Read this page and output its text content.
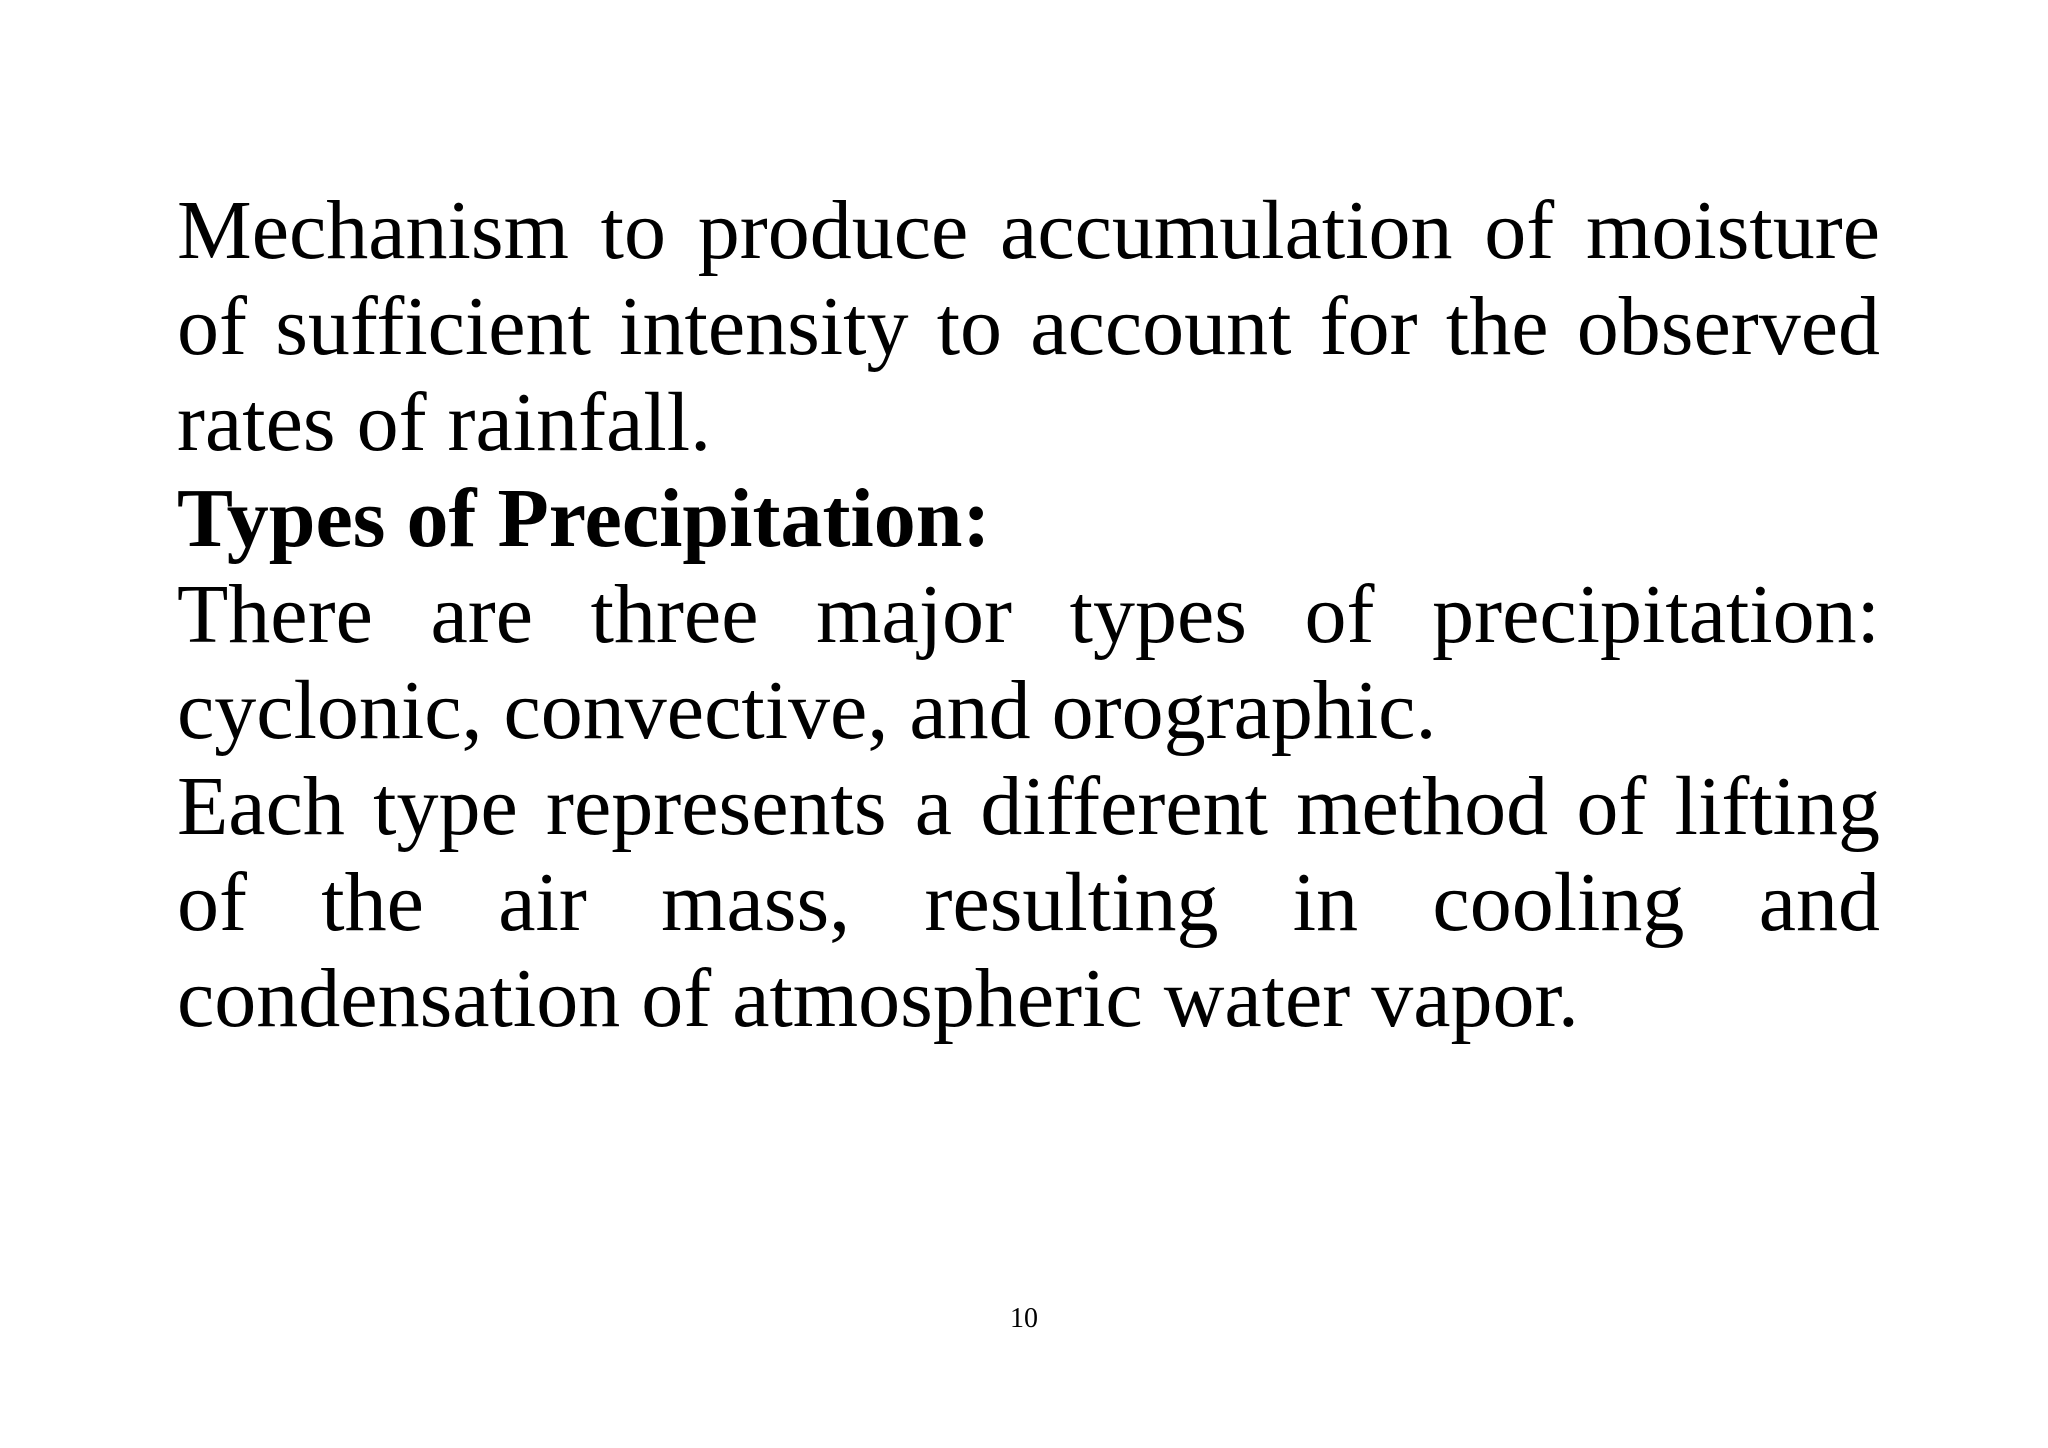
Mechanism to produce accumulation of moisture of sufficient intensity to account for the observed rates of rainfall.

Types of Precipitation:

There are three major types of precipitation: cyclonic, convective, and orographic.

Each type represents a different method of lifting of the air mass, resulting in cooling and condensation of atmospheric water vapor.

10
